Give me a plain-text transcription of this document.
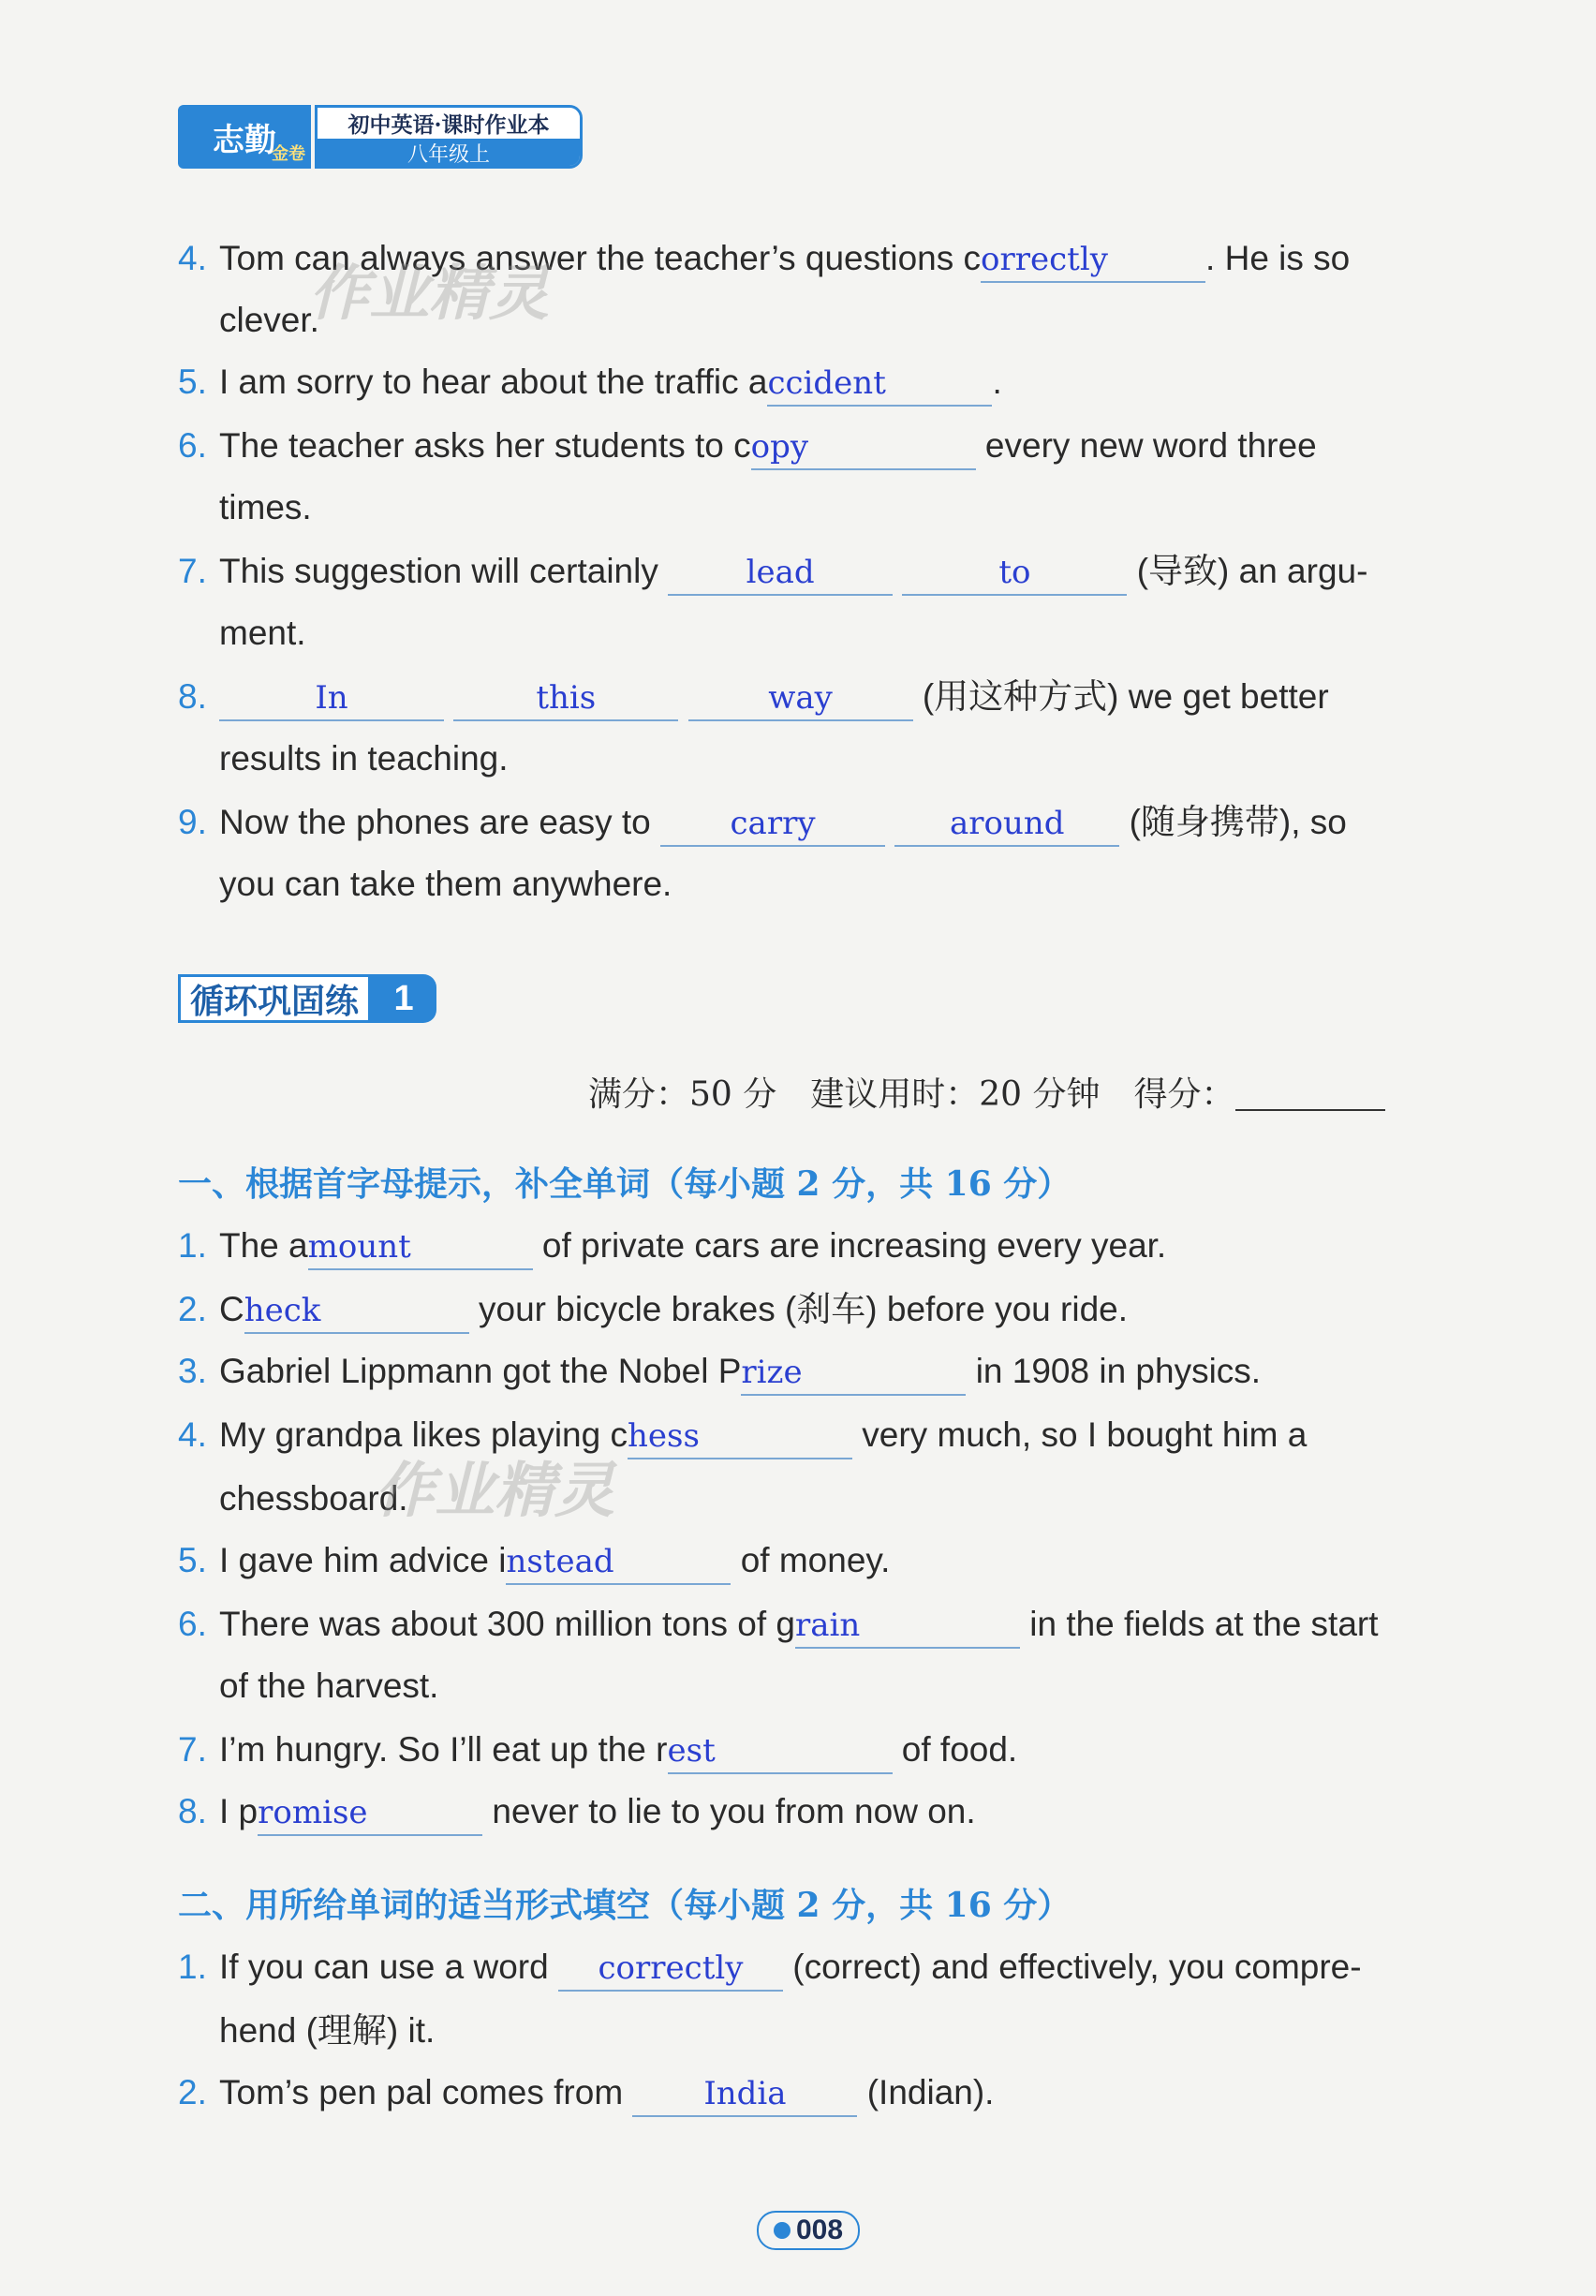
志勤
金卷
初中英语·课时作业本
八年级上
4. Tom can always answer the teacher’s questions correctly	. He is so
clever.
5. I am sorry to hear about the traffic accident	.
6. The teacher asks her students to copy	every new word three
times.
7. This suggestion will certainly	lead	to	(导致) an argu-
ment.
8.	In	this	way	(用这种方式) we get better
results in teaching.
9. Now the phones are easy to carry	around (随身携带), so
you can take them anywhere.
循环巩固练 1
满分：50 分　建议用时：20 分钟　得分：
一、根据首字母提示，补全单词（每小题 2 分，共 16 分）
1. The amount	of private cars are increasing every year.
2. Check	your bicycle brakes (刹车) before you ride.
3. Gabriel Lippmann got the Nobel Prize	in 1908 in physics.
4. My grandpa likes playing chess	very much, so I bought him a
chessboard.
5. I gave him advice instead	of money.
6. There was about 300 million tons of grain	in the fields at the start
of the harvest.
7. I’m hungry. So I’ll eat up the rest	of food.
8. I promise	never to lie to you from now on.
二、用所给单词的适当形式填空（每小题 2 分，共 16 分）
1. If you can use a word correctly (correct) and effectively, you compre-
hend (理解) it.
2. Tom’s pen pal comes from	India (Indian).
008
作业精灵
作业精灵
